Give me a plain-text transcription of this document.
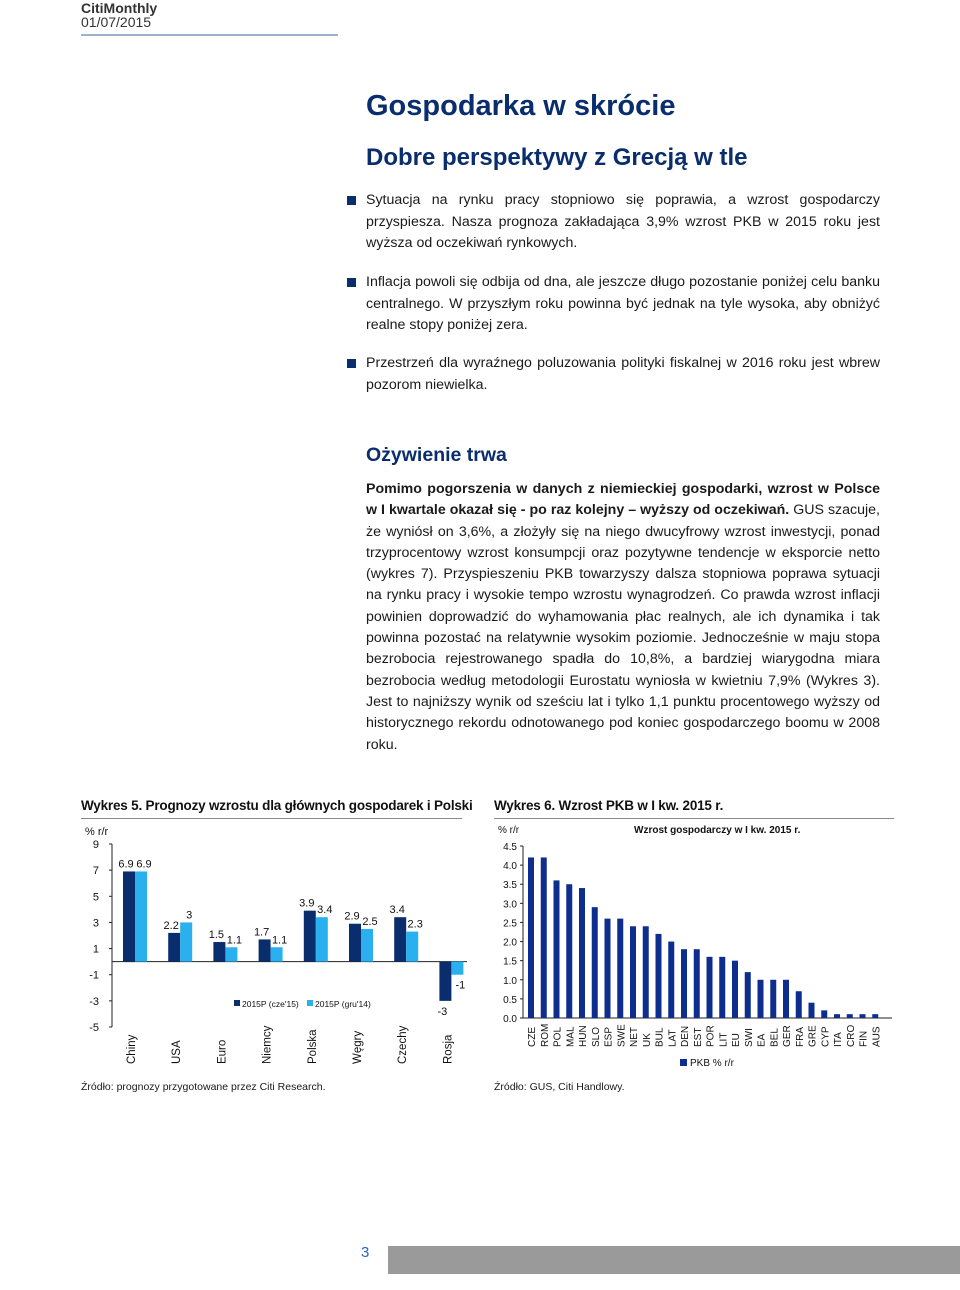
CitiMonthly
01/07/2015
Gospodarka w skrócie
Dobre perspektywy z Grecją w tle
Sytuacja na rynku pracy stopniowo się poprawia, a wzrost gospodarczy przyspiesza. Nasza prognoza zakładająca 3,9% wzrost PKB w 2015 roku jest wyższa od oczekiwań rynkowych.
Inflacja powoli się odbija od dna, ale jeszcze długo pozostanie poniżej celu banku centralnego. W przyszłym roku powinna być jednak na tyle wysoka, aby obniżyć realne stopy poniżej zera.
Przestrzeń dla wyraźnego poluzowania polityki fiskalnej w 2016 roku jest wbrew pozorom niewielka.
Ożywienie trwa
Pomimo pogorszenia w danych z niemieckiej gospodarki, wzrost w Polsce w I kwartale okazał się - po raz kolejny – wyższy od oczekiwań. GUS szacuje, że wyniósł on 3,6%, a złożyły się na niego dwucyfrowy wzrost inwestycji, ponad trzyprocentowy wzrost konsumpcji oraz pozytywne tendencje w eksporcie netto (wykres 7). Przyspieszeniu PKB towarzyszy dalsza stopniowa poprawa sytuacji na rynku pracy i wysokie tempo wzrostu wynagrodzeń. Co prawda wzrost inflacji powinien doprowadzić do wyhamowania płac realnych, ale ich dynamika i tak powinna pozostać na relatywnie wysokim poziomie. Jednocześnie w maju stopa bezrobocia rejestrowanego spadła do 10,8%, a bardziej wiarygodna miara bezrobocia według metodologii Eurostatu wyniosła w kwietniu 7,9% (Wykres 3). Jest to najniższy wynik od sześciu lat i tylko 1,1 punktu procentowego wyższy od historycznego rekordu odnotowanego pod koniec gospodarczego boomu w 2008 roku.
Wykres 5. Prognozy wzrostu dla głównych gospodarek i Polski Wykres 6. Wzrost PKB w I kw. 2015 r.
% r/r
9
7
5
3
1
-1
-3
-5
6.9 6.9
Chiny
2.2
3
USA
1.5 1.1
Euro
1.7
1.1
Niemcy
3.9
3.4
Polska
2.9 2.5
Węgry
3.4
2.3
Czechy
-3
-1
Rosja
2015P (cze'15) 2015P (gru'14)
% r/r	Wzrost gospodarczy w I kw. 2015 r.
4.5
4.0
3.5
3.0
2.5
2.0
1.5
1.0
0.5
0.0
CZE ROM POL MAL HUN SLO ESP SWE NET UK BUL LAT DEN EST POR LIT EU SWI EA BEL GER FRA GRE CYP ITA CRO FIN AUS
PKB % r/r
Źródło: prognozy przygotowane przez Citi Research.	Źródło: GUS, Citi Handlowy.
3
